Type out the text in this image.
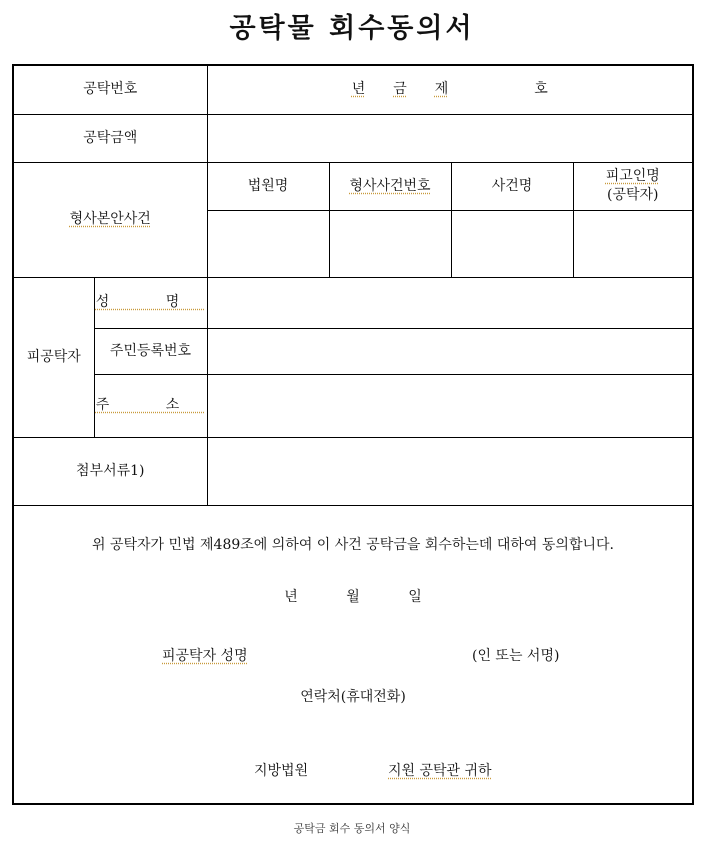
공탁물 회수동의서
공탁번호		년 금 제 호			

공탁금액					
형사본안사건		법원명	형사사건번호	사건명	피고인명
(공탁자)

피공탁자	성 명				
	주민등록번호				
	주 소				
첨부서류1)					
위 공탁자가 민법 제489조에 의하여 이 사건 공탁금을 회수하는데 대하여 동의합니다.
년 월 일
피공탁자 성명	(인 또는 서명)
연락처(휴대전화)
지방법원	지원 공탁관 귀하
공탁금 회수 동의서 양식
